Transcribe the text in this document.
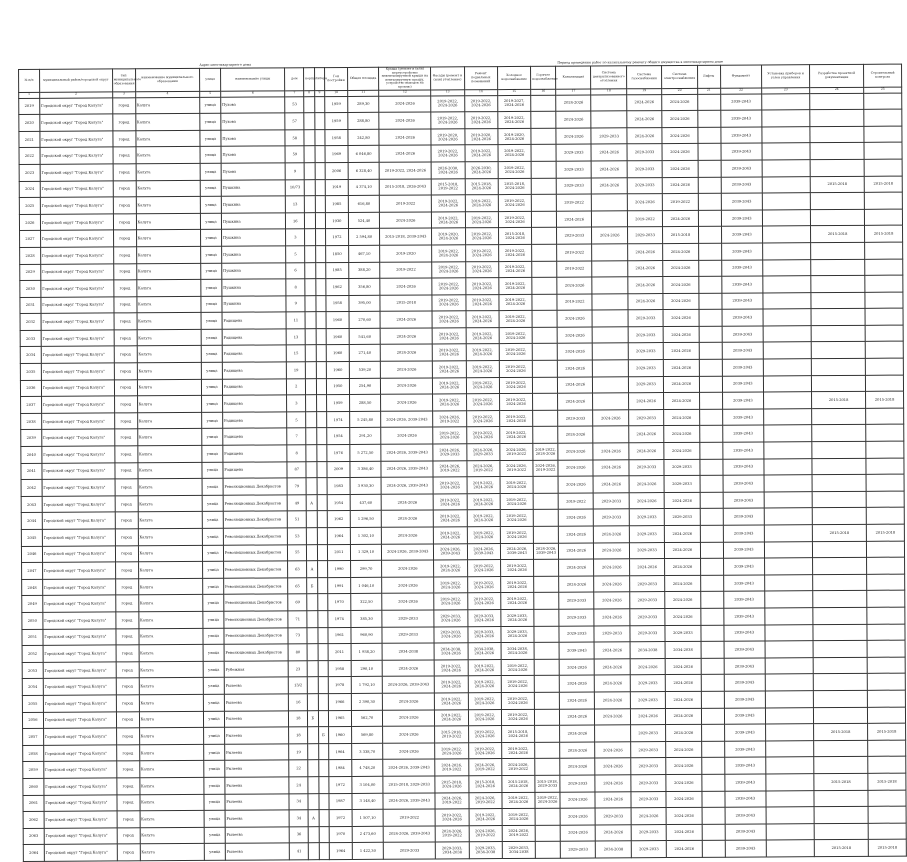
	Адрес многоквартирного дома										Период проведения работ по капитальному ремонту общего имущества в многоквартирном доме													
№ п/п	муниципальный район/городской округ	тип муниципального образования	наименование муниципального образования	улица	наименование улицы	дом	корпус	литера	Год постройки	Общая площадь	Крыша (ремонт и (или) переустройство невентилируемой крыши на вентилируемую крышу, устройство выходов на кровлю)	Фасады (ремонт и (или) утепление)	Ремонт подвальных помещений	Холодное водоснабжение	Горячее водоснабжение	Канализация	Система централизованного отопления	Система газоснабжения	Система электроснабжения	Лифты	Фундамент	Установка приборов и узлов управления	Разработка проектной документации	Строительный контроль
1	2	3	4	5	6	7	8	9	10	11	12	13	14	15	16	17	18	19	20	21	22	23	24	25
2019	Городской округ "Город Калуга"	город	Калуга	улица	Пухова	53			1959	289,30	2024-2026	2019-2022, 2024-2026	2019-2022, 2024-2026	2019-2027, 2024-2026		2024-2026		2024-2026	2024-2026		2039-2043			
2020	Городской округ "Город Калуга"	город	Калуга	улица	Пухова	57			1959	288,80	2024-2026	2019-2022, 2024-2026	2019-2022, 2024-2026	2019-2022, 2024-2026		2024-2026		2024-2026	2024-2026		2039-2043			
2021	Городской округ "Город Калуга"	город	Калуга	улица	Пухова	58			1958	242,80	2024-2026	2019-2020, 2024-2026	2019-2020, 2024-2026	2019-2020, 2024-2026		2024-2026	2029-2033	2024-2026	2024-2026		2039-2043			
2022	Городской округ "Город Калуга"	город	Калуга	улица	Пухова	59			1969	6 046,80	2024-2026	2019-2022, 2024-2026	2019-2022, 2024-2026	2019-2022, 2024-2026		2029-2033	2024-2026	2029-2033	2024-2026		2039-2043			
2023	Городской округ "Город Калуга"	город	Калуга	улица	Пухова	9			2006	6 328,40	2019-2022, 2024-2026	2026-2030, 2024-2026	2026-2030, 2024-2026	2019-2022, 2024-2026		2029-2033	2024-2026	2029-2033	2024-2026		2039-2043			
2024	Городской округ "Город Калуга"	город	Калуга	улица	Пушкина	10/73			1919	4 374,10	2015-2018, 2026-2043	2015-2018, 2019-2022	2015-2018, 2024-2026	2015-2018, 2024-2026		2029-2033	2024-2026	2029-2033	2024-2026		2039-2043		2015-2018	2015-2018
2025	Городской округ "Город Калуга"	город	Калуга	улица	Пушкина	13			1985	616,80	2019-2022	2019-2022, 2024-2026	2019-2022, 2024-2026	2019-2022, 2024-2026		2019-2022		2024-2026	2019-2022		2039-2043			
2026	Городской округ "Город Калуга"	город	Калуга	улица	Пушкина	16			1930	524,40	2024-2026	2019-2022, 2024-2026	2019-2022, 2024-2026	2019-2022, 2024-2026		2024-2026		2019-2022	2024-2026		2039-2043			
2027	Городской округ "Город Калуга"	город	Калуга	улица	Пушкина	3			1972	2 594,80	2015-2018, 2039-2043	2019-2020, 2024-2026	2019-2022, 2024-2026	2015-2018, 2024-2026		2029-2033	2024-2026	2029-2033	2015-2018		2039-2043		2015-2018	2015-2018
2028	Городской округ "Город Калуга"	город	Калуга	улица	Пушкина	5			1850	467,10	2019-2020	2019-2022, 2024-2026	2019-2022, 2024-2026	2019-2022, 2024-2026		2019-2022		2024-2026	2024-2026		2039-2043			
2029	Городской округ "Город Калуга"	город	Калуга	улица	Пушкина	6			1985	388,20	2019-2022	2019-2022, 2024-2026	2019-2022, 2024-2026	2019-2022, 2024-2026		2019-2022		2024-2026	2024-2026		2039-2043			
2030	Городской округ "Город Калуга"	город	Калуга	улица	Пушкина	8			1962	356,80	2024-2026	2019-2022, 2024-2026	2019-2022, 2024-2026	2019-2022, 2024-2026		2024-2026		2024-2026	2024-2026		2039-2043			
2031	Городской округ "Город Калуга"	город	Калуга	улица	Пушкина	9			1958	395,00	2015-2018	2019-2022, 2024-2026	2019-2022, 2024-2026	2019-2022, 2024-2026		2019-2022		2024-2026	2024-2026		2039-2043			
2032	Городской округ "Город Калуга"	город	Калуга	улица	Радищева	11			1960	270,60	2024-2026	2019-2022, 2024-2026	2019-2022, 2024-2026	2019-2022, 2024-2026		2024-2026		2029-2033	2024-2026		2039-2043			
2033	Городской округ "Город Калуга"	город	Калуга	улица	Радищева	13			1960	541,60	2024-2026	2019-2022, 2024-2026	2019-2022, 2024-2026	2019-2022, 2024-2026		2024-2026		2029-2033	2024-2026		2039-2043			
2034	Городской округ "Город Калуга"	город	Калуга	улица	Радищева	15			1960	271,40	2024-2026	2019-2022, 2024-2026	2019-2022, 2024-2026	2019-2022, 2024-2026		2024-2026		2029-2033	2024-2026		2039-2043			
2035	Городской округ "Город Калуга"	город	Калуга	улица	Радищева	19			1960	539,20	2024-2026	2019-2022, 2024-2026	2019-2022, 2024-2026	2019-2022, 2024-2026		2024-2026		2029-2033	2024-2026		2039-2043			
2036	Городской округ "Город Калуга"	город	Калуга	улица	Радищева	2			1950	254,90	2024-2026	2019-2022, 2024-2026	2019-2022, 2024-2026	2019-2022, 2024-2026		2024-2026		2029-2033	2024-2026		2039-2043			
2037	Городской округ "Город Калуга"	город	Калуга	улица	Радищева	3			1959	288,50	2024-2026	2019-2022, 2024-2026	2019-2022, 2024-2026	2019-2022, 2024-2026		2024-2026		2024-2026	2024-2026		2039-2043		2015-2018	2015-2018
2038	Городской округ "Город Калуга"	город	Калуга	улица	Радищева	5			1974	5 245,80	2024-2026, 2039-2043	2024-2026, 2019-2022	2019-2022, 2024-2026	2019-2022, 2024-2026		2029-2033	2024-2026	2029-2033	2024-2026		2039-2043			
2039	Городской округ "Город Калуга"	город	Калуга	улица	Радищева	7			1954	291,20	2024-2026	2019-2022, 2024-2026	2019-2022, 2024-2026	2019-2022, 2024-2026		2024-2026		2024-2026	2024-2026		2039-2043			
2040	Городской округ "Город Калуга"	город	Калуга	улица	Радищева	8			1976	5 272,50	2024-2026, 2039-2043	2024-2026, 2029-2033	2024-2026, 2029-2033	2024-2026, 2019-2022	2019-2022, 2024-2026	2024-2026	2024-2026	2024-2026	2024-2026		2039-2043			
2041	Городской округ "Город Калуга"	город	Калуга	улица	Радищева	87			2009	3 386,40	2024-2026, 2039-2043	2024-2026, 2019-2022	2024-2026, 2019-2022	2024-2026, 2019-2022	2024-2026, 2019-2022	2024-2026	2024-2026	2029-2033	2029-2033		2039-2043			
2042	Городской округ "Город Калуга"	город	Калуга	улица	Революционных Декабристов	79			1983	3 930,30	2024-2026, 2039-2043	2019-2022, 2024-2026	2019-2022, 2024-2026	2019-2022, 2024-2026		2024-2026	2024-2026	2024-2026	2029-2033		2039-2043			
2043	Городской округ "Город Калуга"	город	Калуга	улица	Революционных Декабристов	49	А		1954	437,60	2024-2026	2019-2022, 2024-2026	2019-2022, 2024-2026	2019-2022, 2024-2026		2019-2022	2029-2033	2024-2026	2024-2026		2039-2043			
2044	Городской округ "Город Калуга"	город	Калуга	улица	Революционных Декабристов	51			1962	1 296,50	2024-2026	2019-2022, 2024-2026	2019-2022, 2024-2026	2019-2022, 2024-2026		2024-2026	2029-2033	2029-2033	2029-2033		2039-2043			
2045	Городской округ "Город Калуга"	город	Калуга	улица	Революционных Декабристов	53			1964	1 302,10	2024-2026	2019-2022, 2024-2026	2019-2022, 2024-2026	2019-2022, 2024-2026		2024-2026	2024-2026	2029-2033	2024-2026		2039-2043		2015-2018	2015-2018
2046	Городской округ "Город Калуга"	город	Калуга	улица	Революционных Декабристов	55			2011	1 329,10	2024-2026, 2039-2043	2024-2026, 2039-2043	2024-2026, 2039-2043	2024-2026, 2039-2043	2024-2026, 2039-2043	2024-2026	2024-2026	2029-2033	2024-2026		2039-2043			
2047	Городской округ "Город Калуга"	город	Калуга	улица	Революционных Декабристов	63	А		1990	299,70	2024-2026	2019-2022, 2024-2026	2019-2022, 2024-2026	2019-2022, 2024-2026		2024-2026	2024-2026	2024-2026	2024-2026		2039-2043			
2048	Городской округ "Город Калуга"	город	Калуга	улица	Революционных Декабристов	65	Б		1991	1 046,10	2024-2026	2019-2022, 2024-2026	2019-2022, 2024-2026	2019-2022, 2024-2026		2024-2026	2024-2026	2029-2033	2024-2026		2039-2043			
2049	Городской округ "Город Калуга"	город	Калуга	улица	Революционных Декабристов	69			1970	322,50	2024-2026	2019-2022, 2024-2026	2019-2022, 2024-2026	2019-2022, 2024-2026		2029-2033	2024-2026	2029-2033	2024-2026		2039-2043			
2050	Городской округ "Город Калуга"	город	Калуга	улица	Революционных Декабристов	71			1974	385,30	2029-2033	2029-2033, 2024-2026	2029-2033, 2024-2026	2029-2033, 2024-2026		2029-2033	2024-2026	2029-2033	2024-2026		2039-2043			
2051	Городской округ "Город Калуга"	город	Калуга	улица	Революционных Декабристов	73			1961	960,90	2029-2033	2029-2033, 2024-2026	2029-2033, 2024-2026	2029-2033, 2024-2026		2029-2033	2029-2033	2029-2033	2029-2033		2039-2043			
2052	Городской округ "Город Калуга"	город	Калуга	улица	Революционных Декабристов	80			2011	1 938,20	2034-2038	2034-2038, 2024-2026	2034-2038, 2024-2026	2034-2038, 2024-2026		2039-2043	2024-2026	2034-2038	2034-2038		2039-2043			
2053	Городской округ "Город Калуга"	город	Калуга	улица	Рубежная	23			1958	290,10	2024-2026	2019-2022, 2024-2026	2019-2022, 2024-2026	2019-2022, 2024-2026		2024-2026	2024-2026	2024-2026	2024-2026		2039-2043			
2054	Городской округ "Город Калуга"	город	Калуга	улица	Рылеева	13/2			1978	1 792,10	2024-2026, 2039-2043	2019-2022, 2024-2026	2019-2022, 2024-2026	2019-2022, 2024-2026		2024-2026	2024-2026	2029-2033	2024-2026		2039-2043			
2055	Городской округ "Город Калуга"	город	Калуга	улица	Рылеева	16			1966	2 390,30	2024-2026	2019-2022, 2024-2026	2019-2022, 2024-2026	2019-2022, 2024-2026		2024-2026	2024-2026	2029-2033	2024-2026		2039-2043			
2056	Городской округ "Город Калуга"	город	Калуга	улица	Рылеева	18	Б		1965	562,70	2024-2026	2019-2022, 2024-2026	2019-2022, 2024-2026	2019-2022, 2024-2026		2024-2026	2024-2026	2024-2026	2024-2026		2039-2043			
2057	Городской округ "Город Калуга"	город	Калуга	улица	Рылеева	18		Б	1960	569,80	2024-2026	2015-2018, 2019-2022	2019-2022, 2024-2026	2015-2018, 2024-2026		2024-2026		2029-2033	2024-2026		2039-2043		2015-2018	2015-2018
2058	Городской округ "Город Калуга"	город	Калуга	улица	Рылеева	19			1964	3 338,70	2024-2026	2019-2022, 2024-2026	2019-2022, 2024-2026	2019-2022, 2024-2026		2024-2026	2024-2026	2029-2033	2024-2026		2039-2043			
2059	Городской округ "Город Калуга"	город	Калуга	улица	Рылеева	22			1984	4 748,20	2024-2026, 2039-2043	2024-2026, 2019-2022	2024-2026, 2019-2022	2024-2026, 2019-2022		2024-2026	2024-2026	2029-2033	2024-2026		2039-2043			
2060	Городской округ "Город Калуга"	город	Калуга	улица	Рылеева	24			1972	3 104,00	2015-2018, 2029-2033	2015-2018, 2024-2026	2015-2018, 2024-2026	2015-2018, 2024-2026	2015-2018, 2029-2033	2029-2033	2024-2026	2029-2033	2024-2026		2039-2043		2015-2018	2015-2018
2061	Городской округ "Город Калуга"	город	Калуга	улица	Рылеева	34			1987	3 148,40	2024-2026, 2039-2043	2024-2026, 2019-2022	2024-2026, 2019-2022	2019-2022, 2024-2026	2019-2022, 2024-2026	2024-2026	2024-2026	2029-2033	2024-2026		2039-2043			
2062	Городской округ "Город Калуга"	город	Калуга	улица	Рылеева	34	А		1972	1 507,10	2019-2022	2019-2022, 2024-2026	2019-2022, 2024-2026	2019-2022, 2024-2026		2024-2026	2029-2033	2024-2026	2024-2026		2039-2043			
2063	Городской округ "Город Калуга"	город	Калуга	улица	Рылеева	36			1970	2 473,60	2024-2026, 2039-2043	2024-2026, 2019-2022	2024-2026, 2019-2022	2024-2026, 2019-2022		2024-2026	2024-2026	2029-2033	2024-2026		2039-2043			
2064	Городской округ "Город Калуга"	город	Калуга	улица	Рылеева	41			1964	1 422,30	2029-2033	2029-2033, 2034-2038	2029-2033, 2034-2038	2029-2033, 2034-2038		2029-2033	2034-2038	2029-2033	2024-2026		2039-2043		2015-2018	2015-2018
